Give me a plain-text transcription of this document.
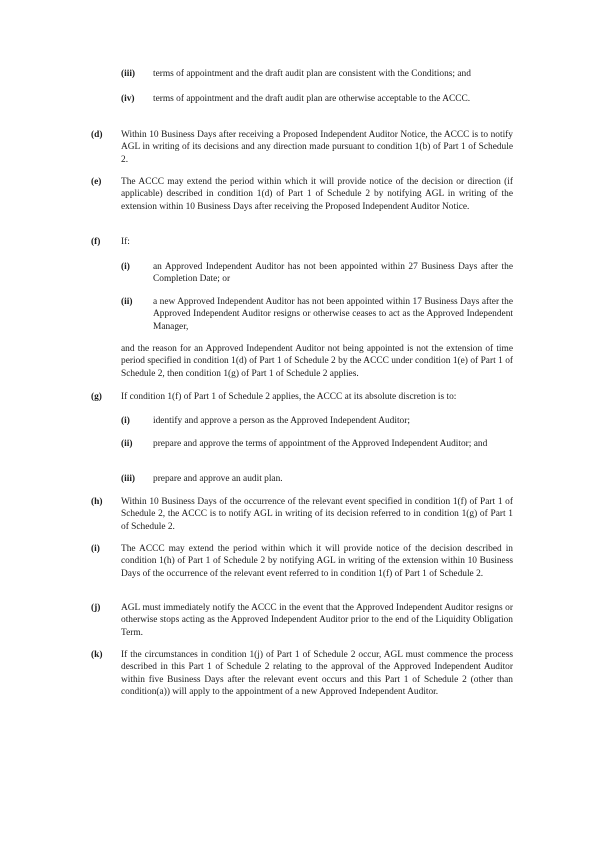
(iii) terms of appointment and the draft audit plan are consistent with the Conditions; and
(iv) terms of appointment and the draft audit plan are otherwise acceptable to the ACCC.
(d) Within 10 Business Days after receiving a Proposed Independent Auditor Notice, the ACCC is to notify AGL in writing of its decisions and any direction made pursuant to condition 1(b) of Part 1 of Schedule 2.
(e) The ACCC may extend the period within which it will provide notice of the decision or direction (if applicable) described in condition 1(d) of Part 1 of Schedule 2 by notifying AGL in writing of the extension within 10 Business Days after receiving the Proposed Independent Auditor Notice.
(f) If:
(i) an Approved Independent Auditor has not been appointed within 27 Business Days after the Completion Date; or
(ii) a new Approved Independent Auditor has not been appointed within 17 Business Days after the Approved Independent Auditor resigns or otherwise ceases to act as the Approved Independent Manager,
and the reason for an Approved Independent Auditor not being appointed is not the extension of time period specified in condition 1(d) of Part 1 of Schedule 2 by the ACCC under condition 1(e) of Part 1 of Schedule 2, then condition 1(g) of Part 1 of Schedule 2 applies.
(g) If condition 1(f) of Part 1 of Schedule 2 applies, the ACCC at its absolute discretion is to:
(i) identify and approve a person as the Approved Independent Auditor;
(ii) prepare and approve the terms of appointment of the Approved Independent Auditor; and
(iii) prepare and approve an audit plan.
(h) Within 10 Business Days of the occurrence of the relevant event specified in condition 1(f) of Part 1 of Schedule 2, the ACCC is to notify AGL in writing of its decision referred to in condition 1(g) of Part 1 of Schedule 2.
(i) The ACCC may extend the period within which it will provide notice of the decision described in condition 1(h) of Part 1 of Schedule 2 by notifying AGL in writing of the extension within 10 Business Days of the occurrence of the relevant event referred to in condition 1(f) of Part 1 of Schedule 2.
(j) AGL must immediately notify the ACCC in the event that the Approved Independent Auditor resigns or otherwise stops acting as the Approved Independent Auditor prior to the end of the Liquidity Obligation Term.
(k) If the circumstances in condition 1(j) of Part 1 of Schedule 2 occur, AGL must commence the process described in this Part 1 of Schedule 2 relating to the approval of the Approved Independent Auditor within five Business Days after the relevant event occurs and this Part 1 of Schedule 2 (other than condition(a)) will apply to the appointment of a new Approved Independent Auditor.
